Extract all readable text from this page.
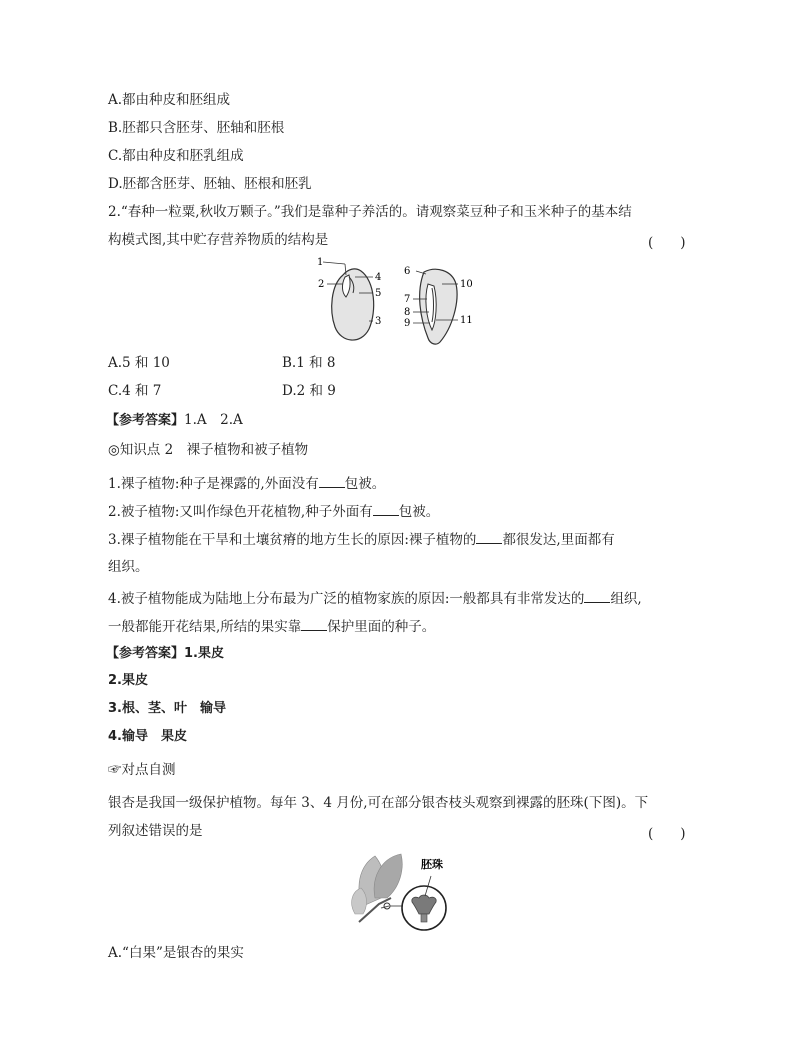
A.都由种皮和胚组成
B.胚都只含胚芽、胚轴和胚根
C.都由种皮和胚乳组成
D.胚都含胚芽、胚轴、胚根和胚乳
2.“春种一粒粟,秋收万颗子。”我们是靠种子养活的。请观察菜豆种子和玉米种子的基本结
构模式图,其中贮存营养物质的结构是	(　　)
1
2
4
5
3
6
7
8
9
10
11
A.5 和 10	B.1 和 8
C.4 和 7	D.2 和 9
【参考答案】1.A　2.A
◎知识点 2　裸子植物和被子植物
1.裸子植物:种子是裸露的,外面没有 包被。
2.被子植物:又叫作绿色开花植物,种子外面有 包被。
3.裸子植物能在干旱和土壤贫瘠的地方生长的原因:裸子植物的 都很发达,里面都有
组织。
4.被子植物能成为陆地上分布最为广泛的植物家族的原因:一般都具有非常发达的 组织,
一般都能开花结果,所结的果实靠 保护里面的种子。
【参考答案】1.果皮
2.果皮
3.根、茎、叶　输导
4.输导　果皮
☞对点自测
银杏是我国一级保护植物。每年 3、4 月份,可在部分银杏枝头观察到裸露的胚珠(下图)。下
列叙述错误的是	(　　)
胚珠
A.“白果”是银杏的果实
